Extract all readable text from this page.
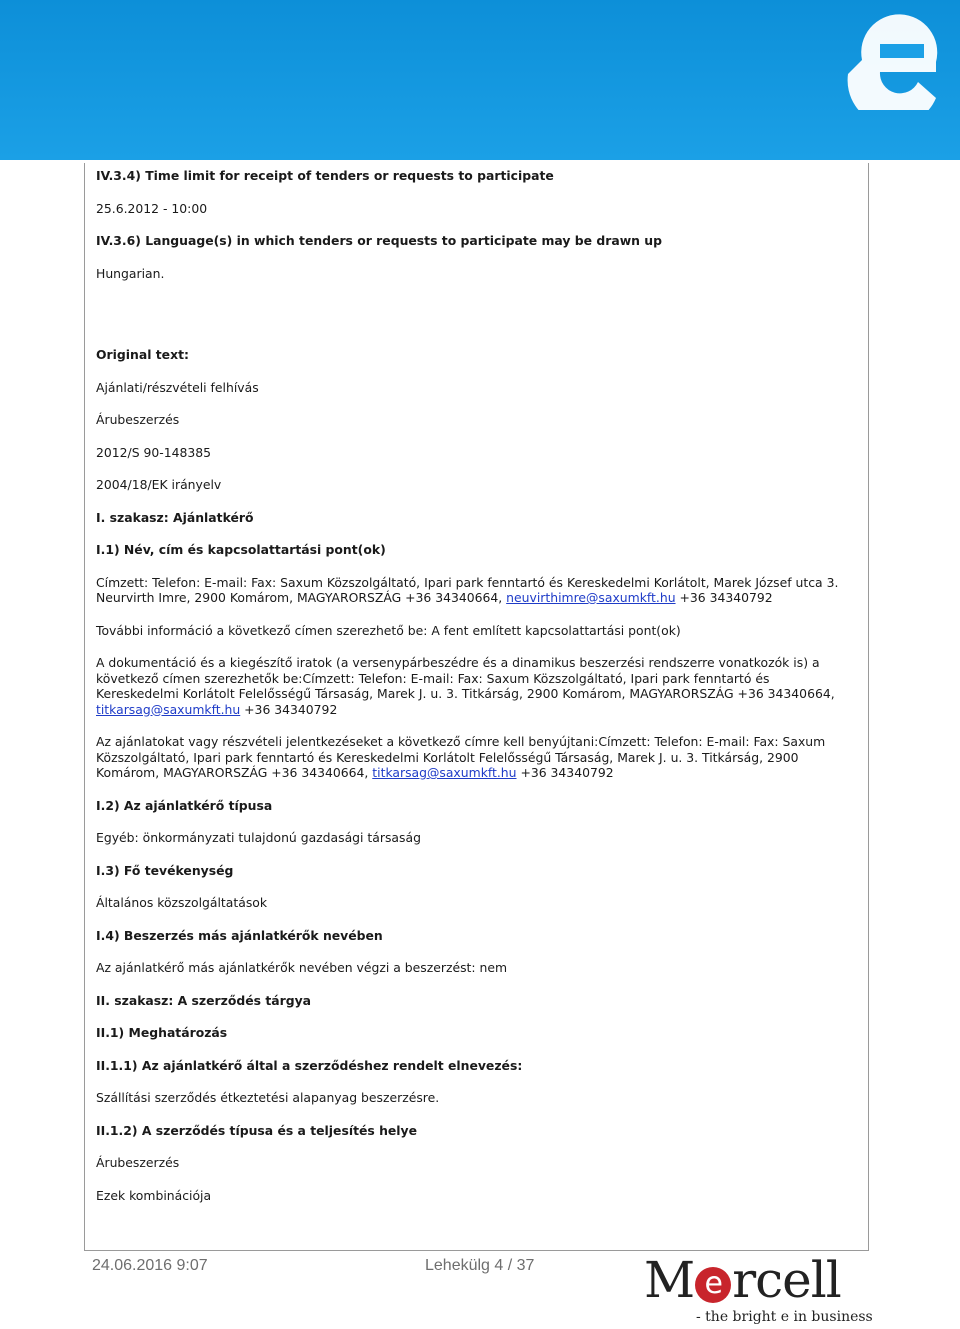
IV.3.4) Time limit for receipt of tenders or requests to participate

25.6.2012 - 10:00

IV.3.6) Language(s) in which tenders or requests to participate may be drawn up

Hungarian.

Original text:

Ajánlati/részvételi felhívás

Árubeszerzés

2012/S 90-148385

2004/18/EK irányelv

I. szakasz: Ajánlatkérő

I.1) Név, cím és kapcsolattartási pont(ok)

Címzett: Telefon: E-mail: Fax: Saxum Közszolgáltató, Ipari park fenntartó és Kereskedelmi Korlátolt, Marek József utca 3. Neurvirth Imre, 2900 Komárom, MAGYARORSZÁG +36 34340664, neuvirthimre@saxumkft.hu +36 34340792

További információ a következő címen szerezhető be: A fent említett kapcsolattartási pont(ok)

A dokumentáció és a kiegészítő iratok (a versenypárbeszédre és a dinamikus beszerzési rendszerre vonatkozók is) a következő címen szerezhetők be:Címzett: Telefon: E-mail: Fax: Saxum Közszolgáltató, Ipari park fenntartó és Kereskedelmi Korlátolt Felelősségű Társaság, Marek J. u. 3. Titkárság, 2900 Komárom, MAGYARORSZÁG +36 34340664, titkarsag@saxumkft.hu +36 34340792

Az ajánlatokat vagy részvételi jelentkezéseket a következő címre kell benyújtani:Címzett: Telefon: E-mail: Fax: Saxum Közszolgáltató, Ipari park fenntartó és Kereskedelmi Korlátolt Felelősségű Társaság, Marek J. u. 3. Titkárság, 2900 Komárom, MAGYARORSZÁG +36 34340664, titkarsag@saxumkft.hu +36 34340792

I.2) Az ajánlatkérő típusa

Egyéb: önkormányzati tulajdonú gazdasági társaság

I.3) Fő tevékenység

Általános közszolgáltatások

I.4) Beszerzés más ajánlatkérők nevében

Az ajánlatkérő más ajánlatkérők nevében végzi a beszerzést: nem

II. szakasz: A szerződés tárgya

II.1) Meghatározás

II.1.1) Az ajánlatkérő által a szerződéshez rendelt elnevezés:

Szállítási szerződés étkeztetési alapanyag beszerzésre.

II.1.2) A szerződés típusa és a teljesítés helye

Árubeszerzés

Ezek kombinációja

24.06.2016 9:07	Lehekülg 4 / 37 M e rcell
- the bright e in business
